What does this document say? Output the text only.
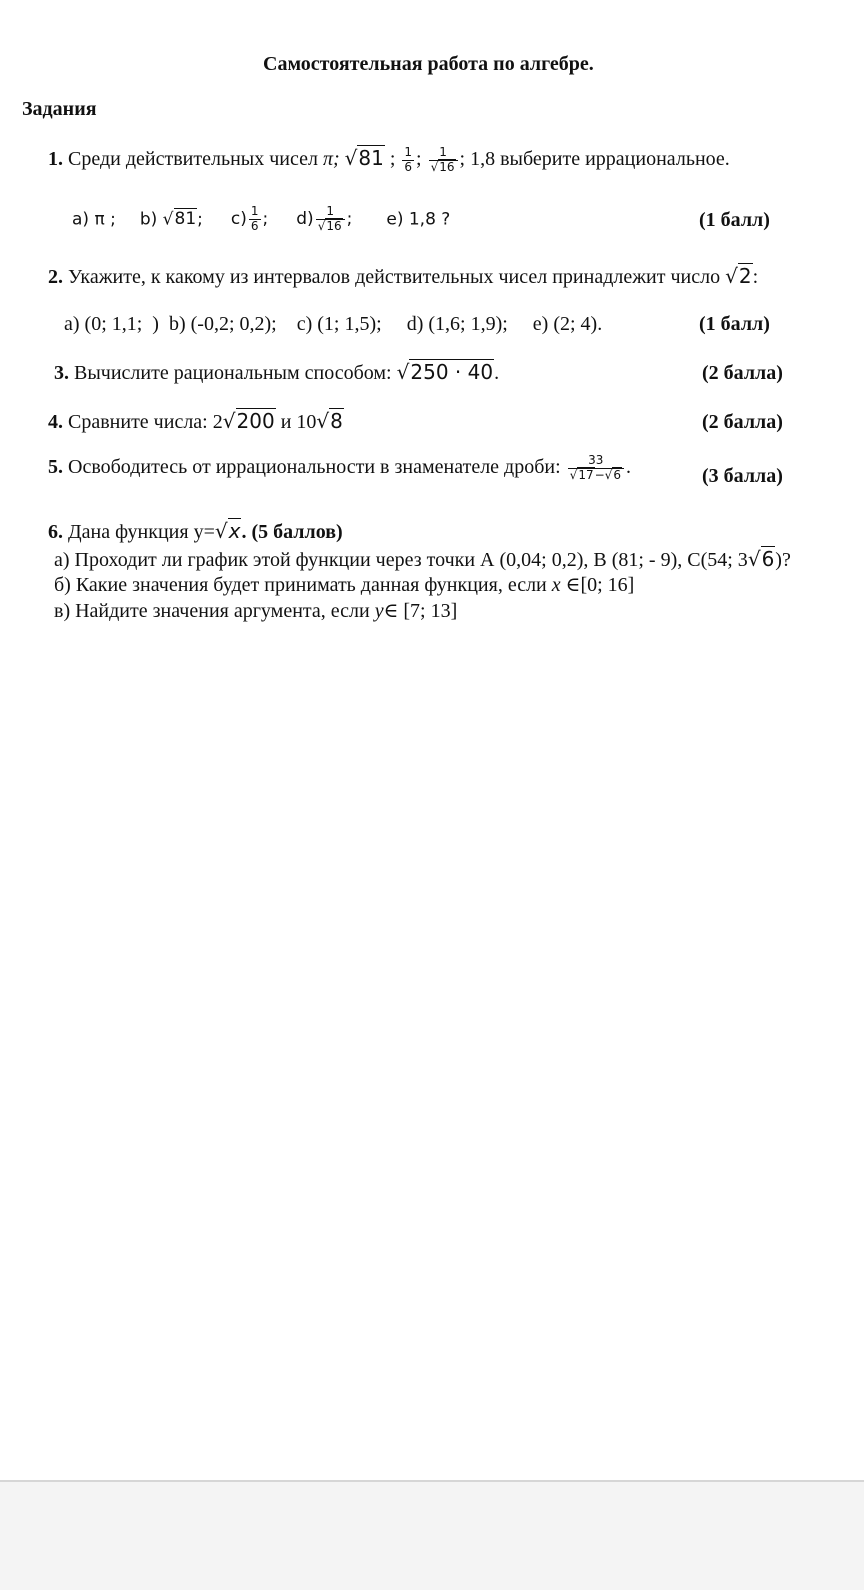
Самостоятельная работа по алгебре.
Задания
1. Среди действительных чисел π; √81 ; $\frac{1}{6}$ ; $\frac{1}{√16}$ ; 1,8 выберите иррациональное.
a) π ; b) √81; $c) \frac{1}{6}$ ; $d) \frac{1}{√16}$ ; e) 1,8 ?	(1 балл)
2. Укажите, к какому из интервалов действительных чисел принадлежит число √2:
a) (0; 1,1;  )  b) (-0,2; 0,2);    c) (1; 1,5);     d) (1,6; 1,9);     e) (2; 4).	(1 балл)
3. Вычислите рациональным способом: √250 · 40.	(2 балла)
4. Сравните числа: 2√200 и 10√8	(2 балла)
5. Освободитесь от иррациональности в знаменателе дроби: $\frac{33}{√17-√6}$ .	(3 балла)
6. Дана функция y=√x. (5 баллов)
а) Проходит ли график этой функции через точки А (0,04; 0,2), В (81; - 9), С(54; 3√6)?
б) Какие значения будет принимать данная функция, если x ∈[0; 16]
в) Найдите значения аргумента, если y∈ [7; 13]
